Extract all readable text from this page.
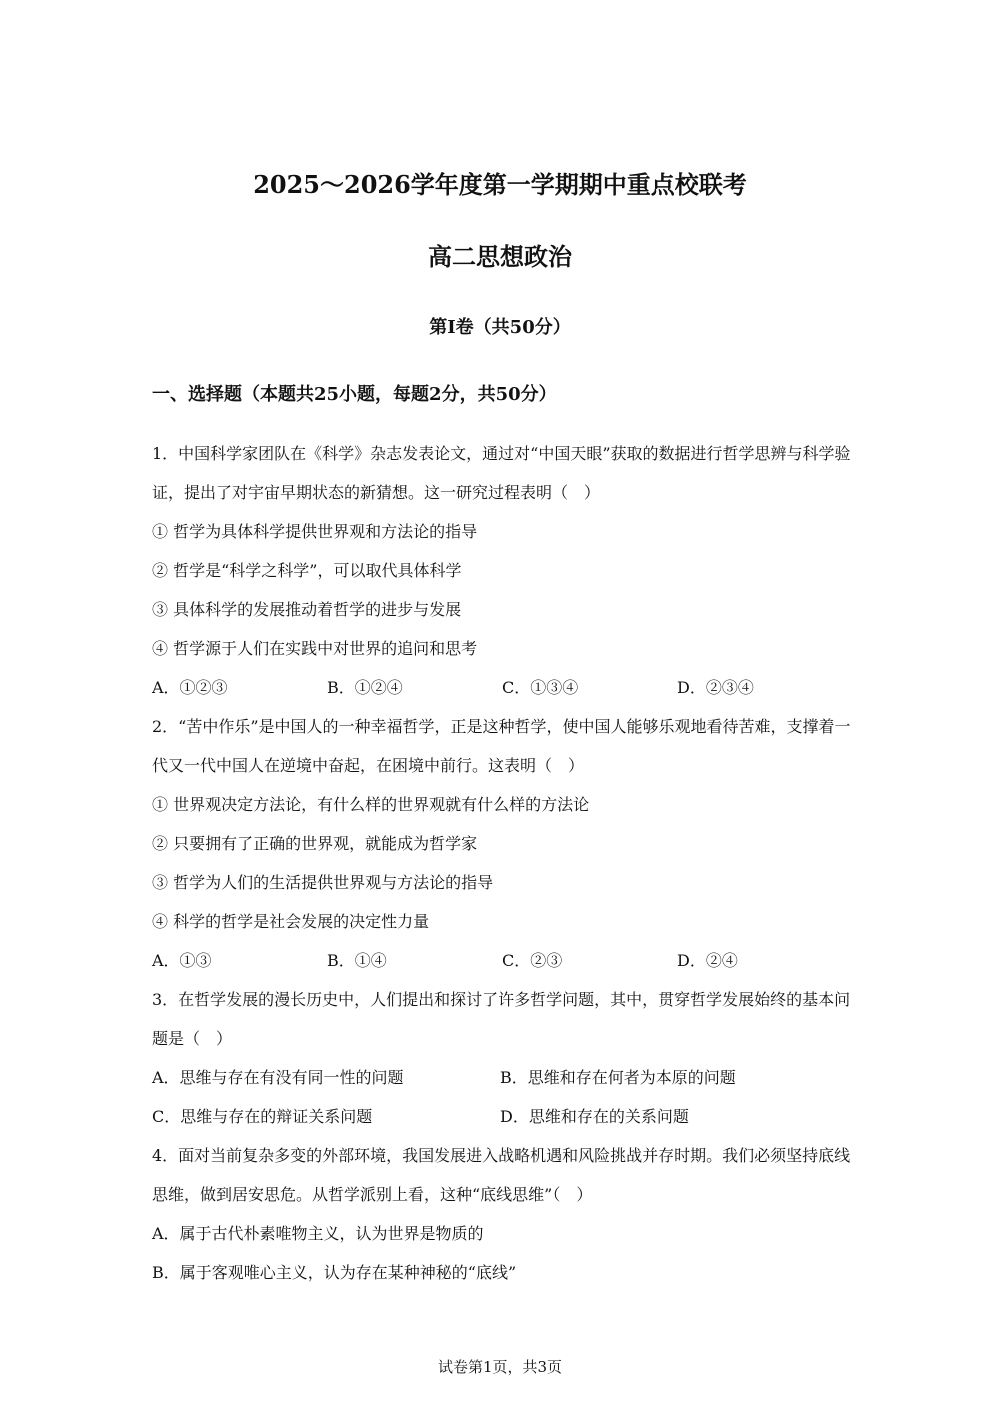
2025～2026学年度第一学期期中重点校联考
高二思想政治
第Ⅰ卷（共50分）
一、选择题（本题共25小题，每题2分，共50分）
1．中国科学家团队在《科学》杂志发表论文，通过对“中国天眼”获取的数据进行哲学思辨与科学验证，提出了对宇宙早期状态的新猜想。这一研究过程表明（　）
① 哲学为具体科学提供世界观和方法论的指导
② 哲学是“科学之科学”，可以取代具体科学
③ 具体科学的发展推动着哲学的进步与发展
④ 哲学源于人们在实践中对世界的追问和思考
A．①②③	B．①②④	C．①③④	D．②③④
2．“苦中作乐”是中国人的一种幸福哲学，正是这种哲学，使中国人能够乐观地看待苦难，支撑着一代又一代中国人在逆境中奋起，在困境中前行。这表明（　）
① 世界观决定方法论，有什么样的世界观就有什么样的方法论
② 只要拥有了正确的世界观，就能成为哲学家
③ 哲学为人们的生活提供世界观与方法论的指导
④ 科学的哲学是社会发展的决定性力量
A．①③	B．①④	C．②③	D．②④
3．在哲学发展的漫长历史中，人们提出和探讨了许多哲学问题，其中，贯穿哲学发展始终的基本问题是（　）
A．思维与存在有没有同一性的问题	B．思维和存在何者为本原的问题
C．思维与存在的辩证关系问题	D．思维和存在的关系问题
4．面对当前复杂多变的外部环境，我国发展进入战略机遇和风险挑战并存时期。我们必须坚持底线思维，做到居安思危。从哲学派别上看，这种“底线思维”（　）
A．属于古代朴素唯物主义，认为世界是物质的
B．属于客观唯心主义，认为存在某种神秘的“底线”
试卷第1页，共3页
